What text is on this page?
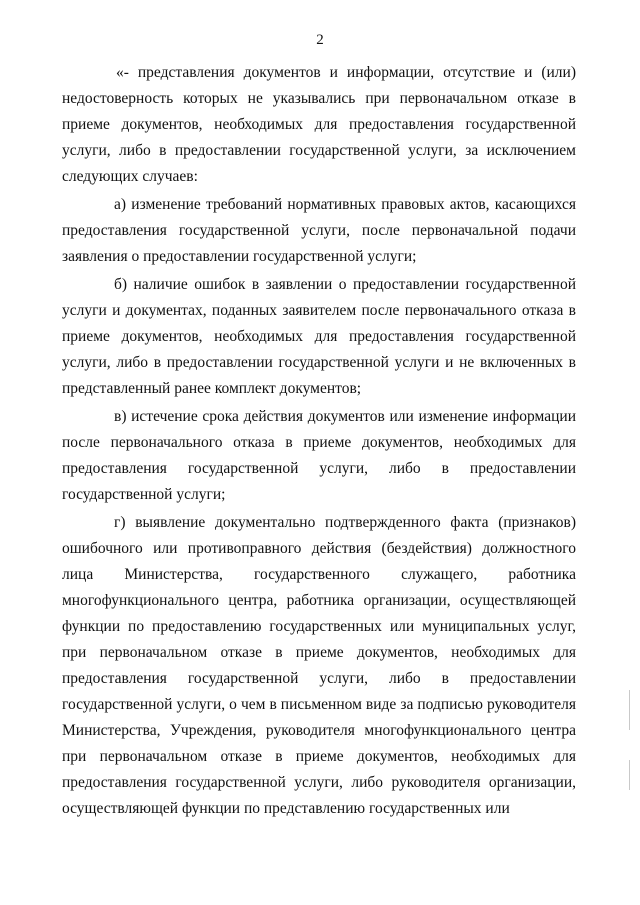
2

«- представления документов и информации, отсутствие и (или) недостоверность которых не указывались при первоначальном отказе в приеме документов, необходимых для предоставления государственной услуги, либо в предоставлении государственной услуги, за исключением следующих случаев:

а) изменение требований нормативных правовых актов, касающихся предоставления государственной услуги, после первоначальной подачи заявления о предоставлении государственной услуги;

б) наличие ошибок в заявлении о предоставлении государственной услуги и документах, поданных заявителем после первоначального отказа в приеме документов, необходимых для предоставления государственной услуги, либо в предоставлении государственной услуги и не включенных в представленный ранее комплект документов;

в) истечение срока действия документов или изменение информации после первоначального отказа в приеме документов, необходимых для предоставления государственной услуги, либо в предоставлении государственной услуги;

г) выявление документально подтвержденного факта (признаков) ошибочного или противоправного действия (бездействия) должностного лица Министерства, государственного служащего, работника многофункционального центра, работника организации, осуществляющей функции по предоставлению государственных или муниципальных услуг, при первоначальном отказе в приеме документов, необходимых для предоставления государственной услуги, либо в предоставлении государственной услуги, о чем в письменном виде за подписью руководителя Министерства, Учреждения, руководителя многофункционального центра при первоначальном отказе в приеме документов, необходимых для предоставления государственной услуги, либо руководителя организации, осуществляющей функции по представлению государственных или
